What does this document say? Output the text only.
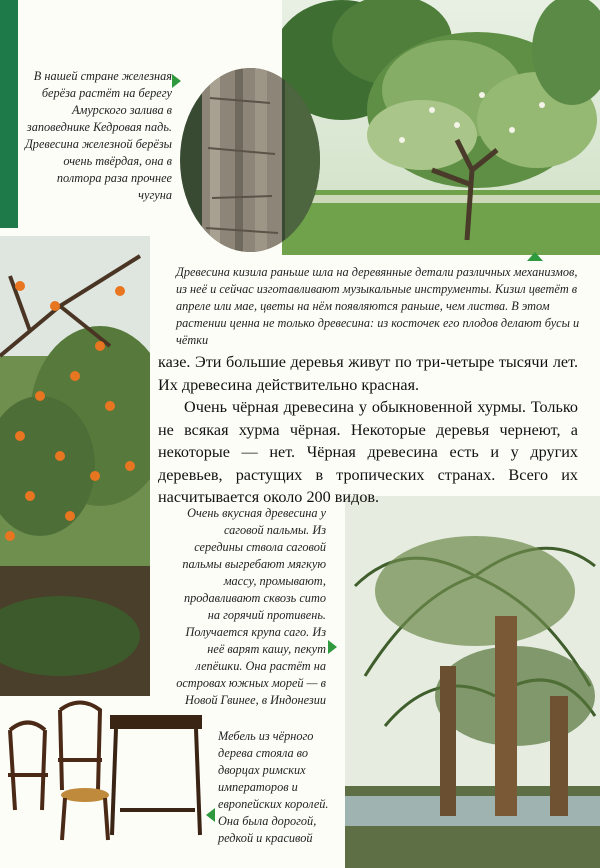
В нашей стране железная берёза растёт на берегу Амурского залива в заповеднике Кедровая падь. Древесина железной берёзы очень твёрдая, она в полтора раза прочнее чугуна
Древесина кизила раньше шла на деревянные детали различных механизмов, из неё и сейчас изготавливают музыкальные инструменты. Кизил цветёт в апреле или мае, цветы на нём появляются раньше, чем листва. В этом растении ценна не только древесина: из косточек его плодов делают бусы и чётки

казе. Эти большие деревья живут по три-четыре тысячи лет. Их древесина действительно красная.

Очень чёрная древесина у обыкновенной хурмы. Только не всякая хурма чёрная. Некоторые деревья чернеют, а некоторые — нет. Чёрная древесина есть и у других деревьев, растущих в тропических странах. Всего их насчитывается около 200 видов.

Очень вкусная древесина у саговой пальмы. Из середины ствола саговой пальмы выгребают мягкую массу, промывают, продавливают сквозь сито на горячий противень. Получается крупа саго. Из неё варят кашу, пекут лепёшки. Она растёт на островах южных морей — в Новой Гвинее, в Индонезии
Мебель из чёрного дерева стояла во дворцах римских императоров и европейских королей. Она была дорогой, редкой и красивой
